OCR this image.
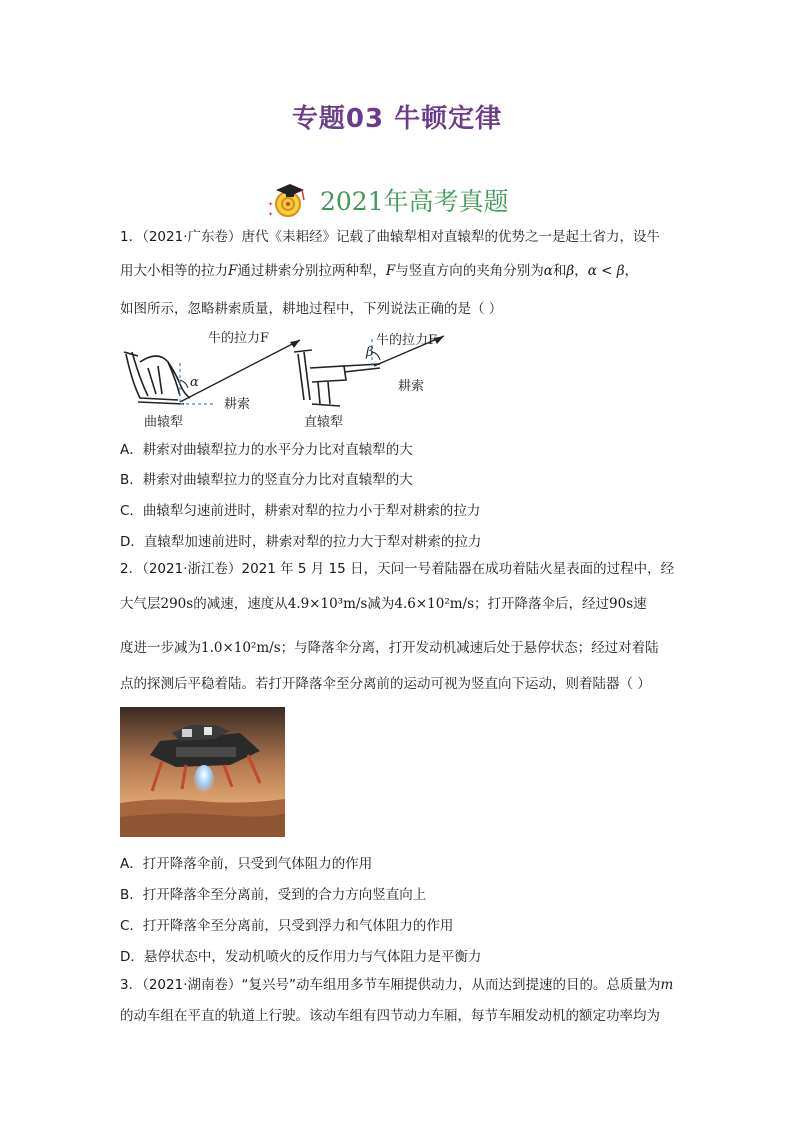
专题03 牛顿定律
✦
✦ 2021年高考真题
1．（2021·广东卷）唐代《耒耜经》记载了曲辕犁相对直辕犁的优势之一是起土省力，设牛
用大小相等的拉力F通过耕索分别拉两种犁，F与竖直方向的夹角分别为α和β，α < β，
如图所示，忽略耕索质量，耕地过程中，下列说法正确的是（ ）
α
牛的拉力F
耕索
曲辕犁
β
牛的拉力F
耕索
直辕犁
A．耕索对曲辕犁拉力的水平分力比对直辕犁的大
B．耕索对曲辕犁拉力的竖直分力比对直辕犁的大
C．曲辕犁匀速前进时，耕索对犁的拉力小于犁对耕索的拉力
D．直辕犁加速前进时，耕索对犁的拉力大于犁对耕索的拉力
2．（2021·浙江卷）2021 年 5 月 15 日，天问一号着陆器在成功着陆火星表面的过程中，经
大气层290s的减速，速度从4.9×10³m/s减为4.6×10²m/s；打开降落伞后，经过90s速
度进一步减为1.0×10²m/s；与降落伞分离，打开发动机减速后处于悬停状态；经过对着陆
点的探测后平稳着陆。若打开降落伞至分离前的运动可视为竖直向下运动，则着陆器（ ）
A．打开降落伞前，只受到气体阻力的作用
B．打开降落伞至分离前，受到的合力方向竖直向上
C．打开降落伞至分离前，只受到浮力和气体阻力的作用
D．悬停状态中，发动机喷火的反作用力与气体阻力是平衡力
3．（2021·湖南卷）“复兴号”动车组用多节车厢提供动力，从而达到提速的目的。总质量为m
的动车组在平直的轨道上行驶。该动车组有四节动力车厢，每节车厢发动机的额定功率均为
